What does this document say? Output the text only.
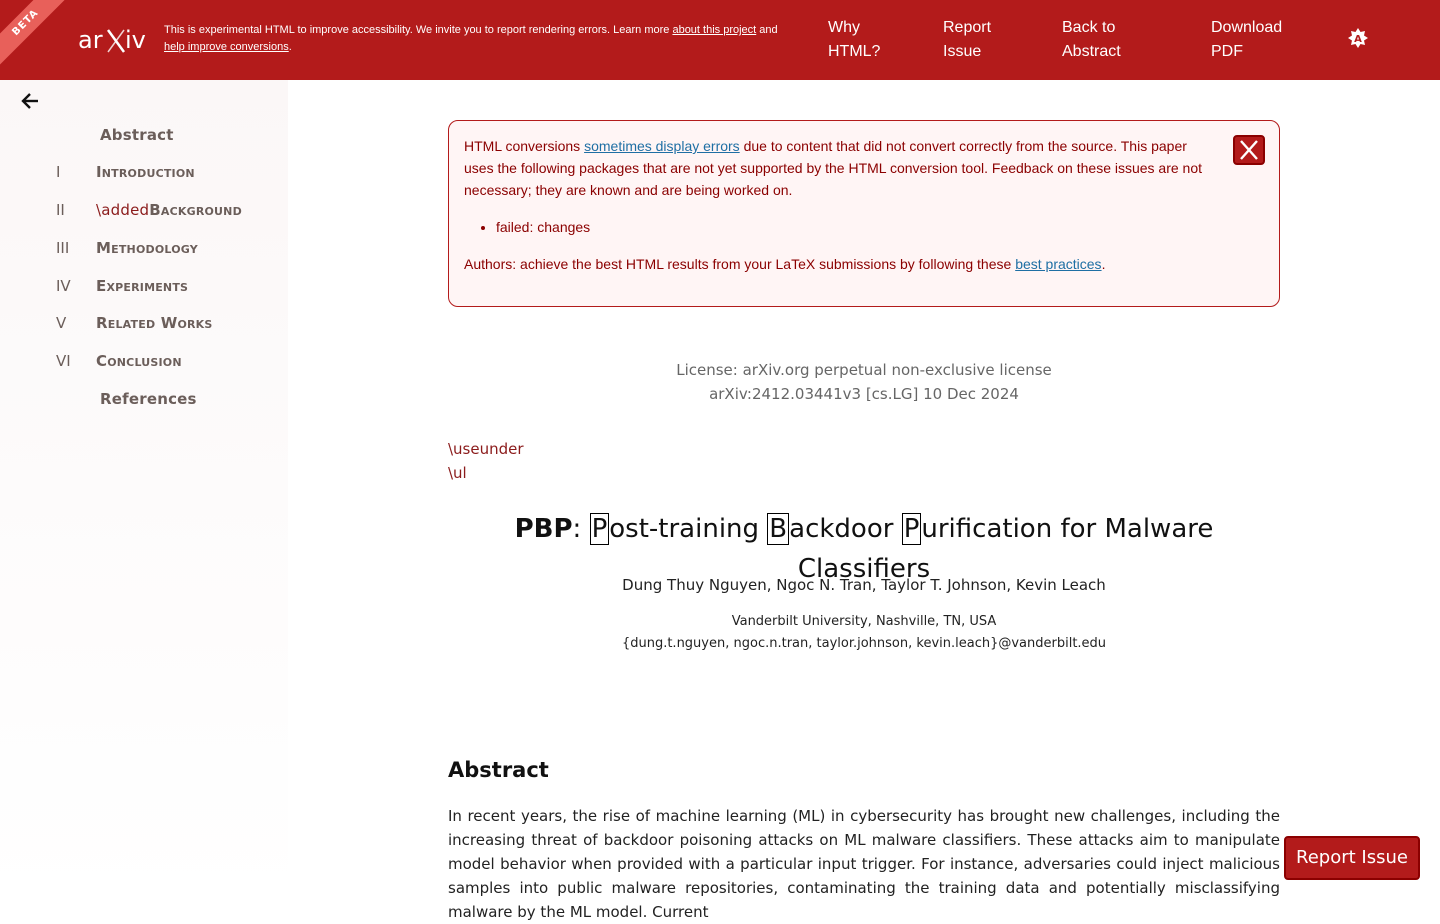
BETA
ar iv This is experimental HTML to improve accessibility. We invite you to report rendering errors. Learn more about this project and
help improve conversions.
Why HTML?
Report Issue
Back to Abstract
Download PDF
A
Abstract
I Introduction
II \addedBackground
III Methodology
IV Experiments
V Related Works
VI Conclusion
References
HTML conversions sometimes display errors due to content that did not convert correctly from the source. This paper uses the following packages that are not yet supported by the HTML conversion tool. Feedback on these issues are not necessary; they are known and are being worked on.
• failed: changes
Authors: achieve the best HTML results from your LaTeX submissions by following these best practices.
License: arXiv.org perpetual non-exclusive license
arXiv:2412.03441v3 [cs.LG] 10 Dec 2024
\useunder
\ul
PBP: Post-training Backdoor Purification for Malware Classifiers
Dung Thuy Nguyen, Ngoc N. Tran, Taylor T. Johnson, Kevin Leach
Vanderbilt University, Nashville, TN, USA
{dung.t.nguyen, ngoc.n.tran, taylor.johnson, kevin.leach}@vanderbilt.edu
Abstract
In recent years, the rise of machine learning (ML) in cybersecurity has brought new challenges, including the increasing threat of backdoor poisoning attacks on ML malware classifiers. These attacks aim to manipulate model behavior when provided with a particular input trigger. For instance, adversaries could inject malicious samples into public malware repositories, contaminating the training data and potentially misclassifying malware by the ML model. Current
Report Issue
